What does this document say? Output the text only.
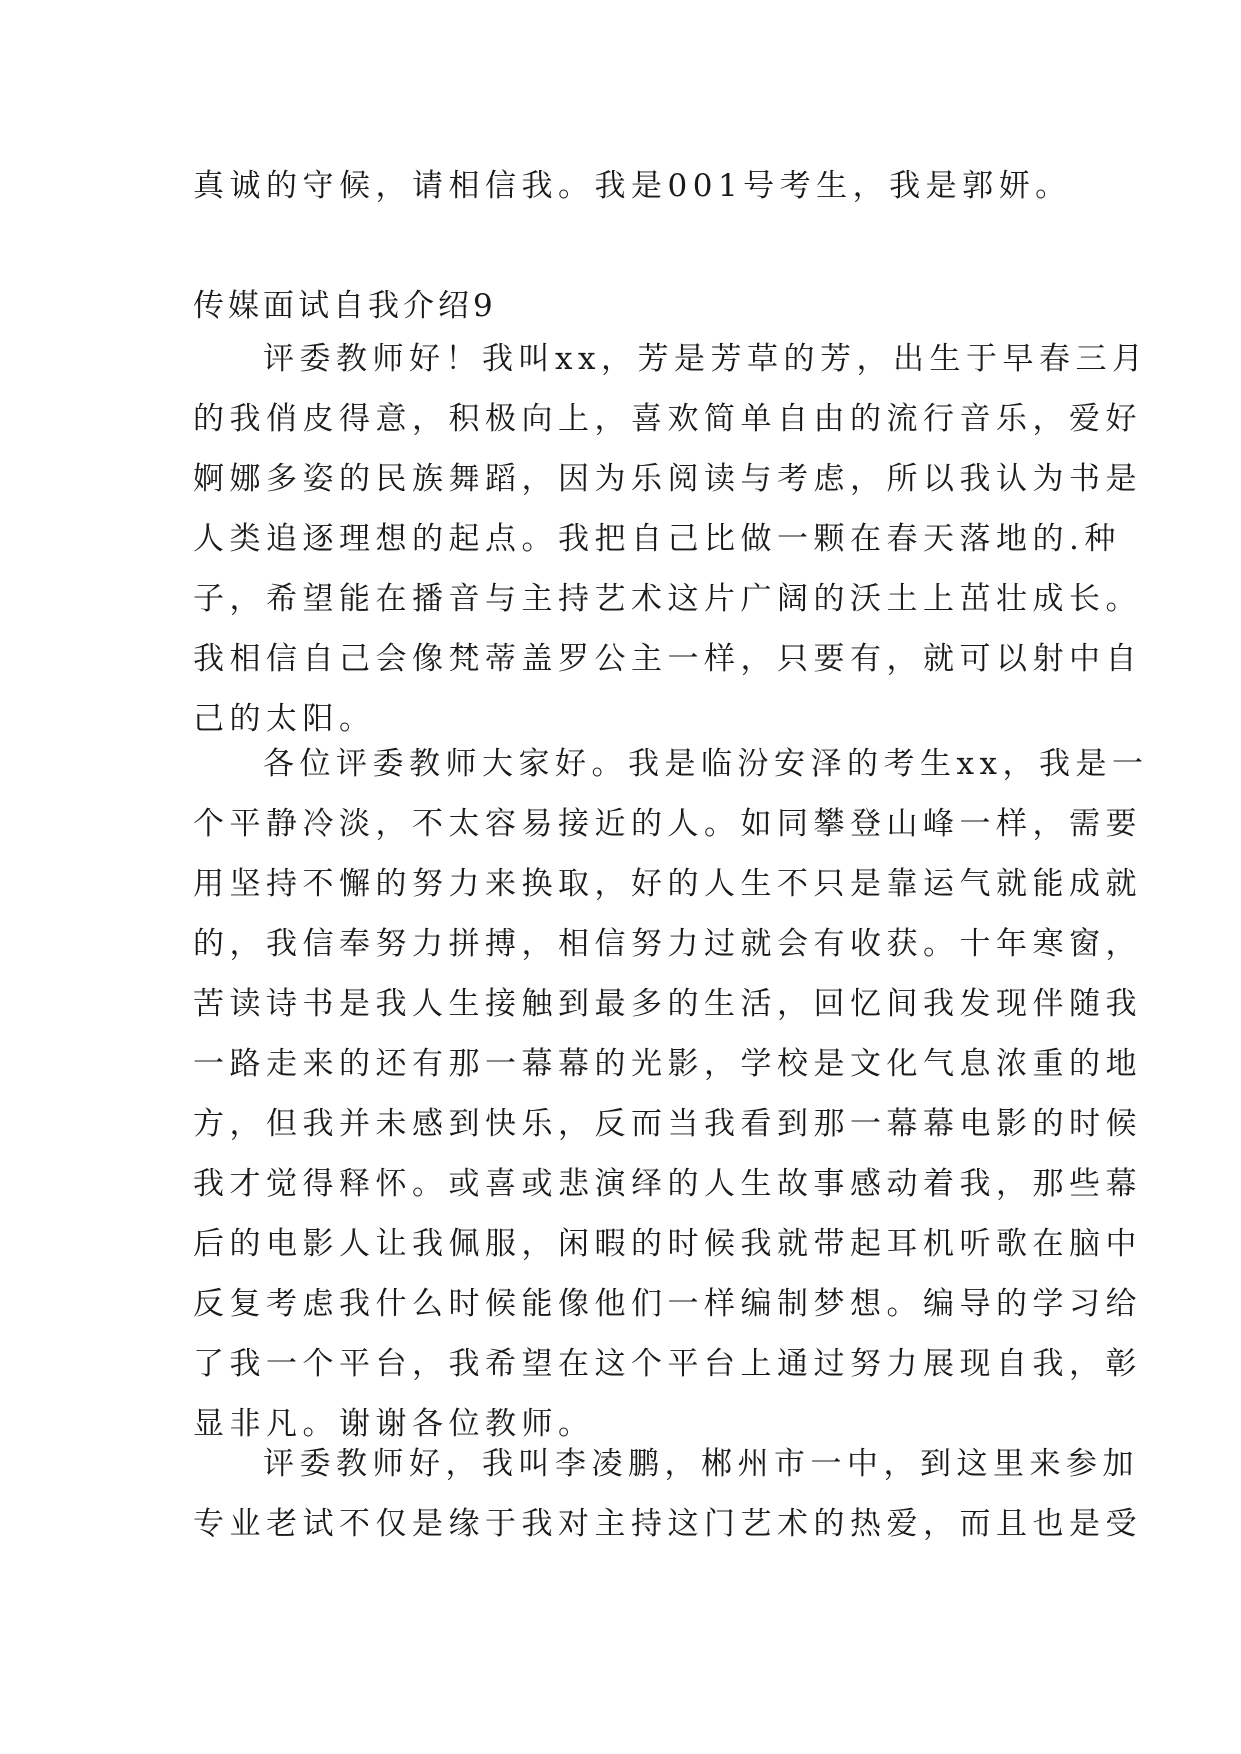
真诚的守候，请相信我。我是001号考生，我是郭妍。
传媒面试自我介绍9
评委教师好！我叫xx，芳是芳草的芳，出生于早春三月
的我俏皮得意，积极向上，喜欢简单自由的流行音乐，爱好
婀娜多姿的民族舞蹈，因为乐阅读与考虑，所以我认为书是
人类追逐理想的起点。我把自己比做一颗在春天落地的.种
子，希望能在播音与主持艺术这片广阔的沃土上茁壮成长。
我相信自己会像梵蒂盖罗公主一样，只要有，就可以射中自
己的太阳。
各位评委教师大家好。我是临汾安泽的考生xx，我是一
个平静冷淡，不太容易接近的人。如同攀登山峰一样，需要
用坚持不懈的努力来换取，好的人生不只是靠运气就能成就
的，我信奉努力拼搏，相信努力过就会有收获。十年寒窗，
苦读诗书是我人生接触到最多的生活，回忆间我发现伴随我
一路走来的还有那一幕幕的光影，学校是文化气息浓重的地
方，但我并未感到快乐，反而当我看到那一幕幕电影的时候
我才觉得释怀。或喜或悲演绎的人生故事感动着我，那些幕
后的电影人让我佩服，闲暇的时候我就带起耳机听歌在脑中
反复考虑我什么时候能像他们一样编制梦想。编导的学习给
了我一个平台，我希望在这个平台上通过努力展现自我，彰
显非凡。谢谢各位教师。
评委教师好，我叫李凌鹏，郴州市一中，到这里来参加
专业老试不仅是缘于我对主持这门艺术的热爱，而且也是受
